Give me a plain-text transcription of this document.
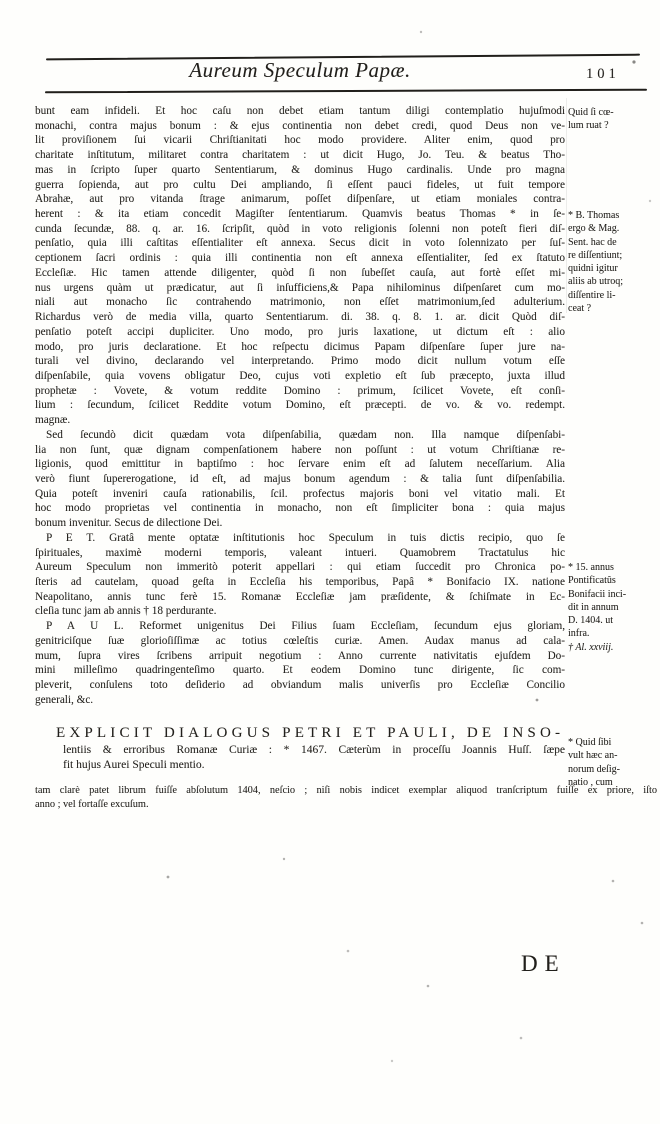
Aureum Speculum Papæ.	101
bunt eam infideli. Et hoc caſu non debet etiam tantum diligi contemplatio hujuſmodi
monachi, contra majus bonum : & ejus continentia non debet credi, quod Deus non ve-
lit proviſionem ſui vicarii Chriſtianitati hoc modo providere. Aliter enim, quod pro
charitate inſtitutum, militaret contra charitatem : ut dicit Hugo, Jo. Teu. & beatus Tho-
mas in ſcripto ſuper quarto Sententiarum, & dominus Hugo cardinalis. Unde pro magna
guerra ſopienda, aut pro cultu Dei ampliando, ſi eſſent pauci fideles, ut fuit tempore
Abrahæ, aut pro vitanda ſtrage animarum, poſſet diſpenſare, ut etiam moniales contra-
herent : & ita etiam concedit Magiſter ſententiarum. Quamvis beatus Thomas * in ſe-
cunda ſecundæ, 88. q. ar. 16. ſcripſit, quòd in voto religionis ſolenni non poteſt fieri diſ-
penſatio, quia illi caſtitas eſſentialiter eſt annexa. Secus dicit in voto ſolennizato per ſuſ-
ceptionem ſacri ordinis : quia illi continentia non eſt annexa eſſentialiter, ſed ex ſtatuto
Eccleſiæ. Hic tamen attende diligenter, quòd ſi non ſubeſſet cauſa, aut fortè eſſet mi-
nus urgens quàm ut prædicatur, aut ſi inſufficiens,& Papa nihilominus diſpenſaret cum mo-
niali aut monacho ſic contrahendo matrimonio, non eſſet matrimonium,ſed adulterium.
Richardus verò de media villa, quarto Sententiarum. di. 38. q. 8. 1. ar. dicit Quòd diſ-
penſatio poteſt accipi dupliciter. Uno modo, pro juris laxatione, ut dictum eſt : alio
modo, pro juris declaratione. Et hoc reſpectu dicimus Papam diſpenſare ſuper jure na-
turali vel divino, declarando vel interpretando. Primo modo dicit nullum votum eſſe
diſpenſabile, quia vovens obligatur Deo, cujus voti expletio eſt ſub præcepto, juxta illud
prophetæ : Vovete, & votum reddite Domino : primum, ſcilicet Vovete, eſt conſi-
lium : ſecundum, ſcilicet Reddite votum Domino, eſt præcepti. de vo. & vo. redempt.
magnæ.
Sed ſecundò dicit quædam vota diſpenſabilia, quædam non. Illa namque diſpenſabi-
lia non ſunt, quæ dignam compenſationem habere non poſſunt : ut votum Chriſtianæ re-
ligionis, quod emittitur in baptiſmo : hoc ſervare enim eſt ad ſalutem neceſſarium. Alia
verò fiunt ſupererogatione, id eſt, ad majus bonum agendum : & talia ſunt diſpenſabilia.
Quia poteſt inveniri cauſa rationabilis, ſcil. profectus majoris boni vel vitatio mali. Et
hoc modo proprietas vel continentia in monacho, non eſt ſimpliciter bona : quia majus
bonum invenitur. Secus de dilectione Dei.
P E T. Gratâ mente optatæ inſtitutionis hoc Speculum in tuis dictis recipio, quo ſe
ſpirituales, maximè moderni temporis, valeant intueri. Quamobrem Tractatulus hic
Aureum Speculum non immeritò poterit appellari : qui etiam ſuccedit pro Chronica po-
ſteris ad cautelam, quoad geſta in Eccleſia his temporibus, Papâ * Bonifacio IX. natione
Neapolitano, annis tunc ferè 15. Romanæ Eccleſiæ jam præſidente, & ſchiſmate in Ec-
cleſia tunc jam ab annis † 18 perdurante.
P A U L. Reformet unigenitus Dei Filius ſuam Eccleſiam, ſecundum ejus gloriam,
genitriciſque ſuæ glorioſiſſimæ ac totius cœleſtis curiæ. Amen. Audax manus ad cala-
mum, ſupra vires ſcribens arripuit negotium : Anno currente nativitatis ejuſdem Do-
mini milleſimo quadringenteſimo quarto. Et eodem Domino tunc dirigente, ſic com-
pleverit, conſulens toto deſiderio ad obviandum malis univerſis pro Eccleſiæ Concilio
generali, &c.
EXPLICIT DIALOGUS PETRI ET PAULI, DE INSO-
lentiis & erroribus Romanæ Curiæ : * 1467. Cæterùm in proceſſu Joannis Huſſ. ſæpe
fit hujus Aurei Speculi mentio.
tam clarè patet librum fuiſſe abſolutum 1404, neſcio ; niſi nobis indicet exemplar aliquod tranſcriptum fuiſſe ex priore, iſto
anno ; vel fortaſſe excuſum.
Quid ſi cœ-
lum ruat ?
* B. Thomas
ergo & Mag.
Sent. hac de
re diſſentiunt;
quidni igitur
aliis ab utroq;
diſſentire li-
ceat ?
* 15. annus
Pontificatûs
Bonifacii inci-
dit in annum
D. 1404. ut
infra.
† Al. xxviij.
* Quid ſibi
vult hæc an-
norum deſig-
natio , cum
DE
